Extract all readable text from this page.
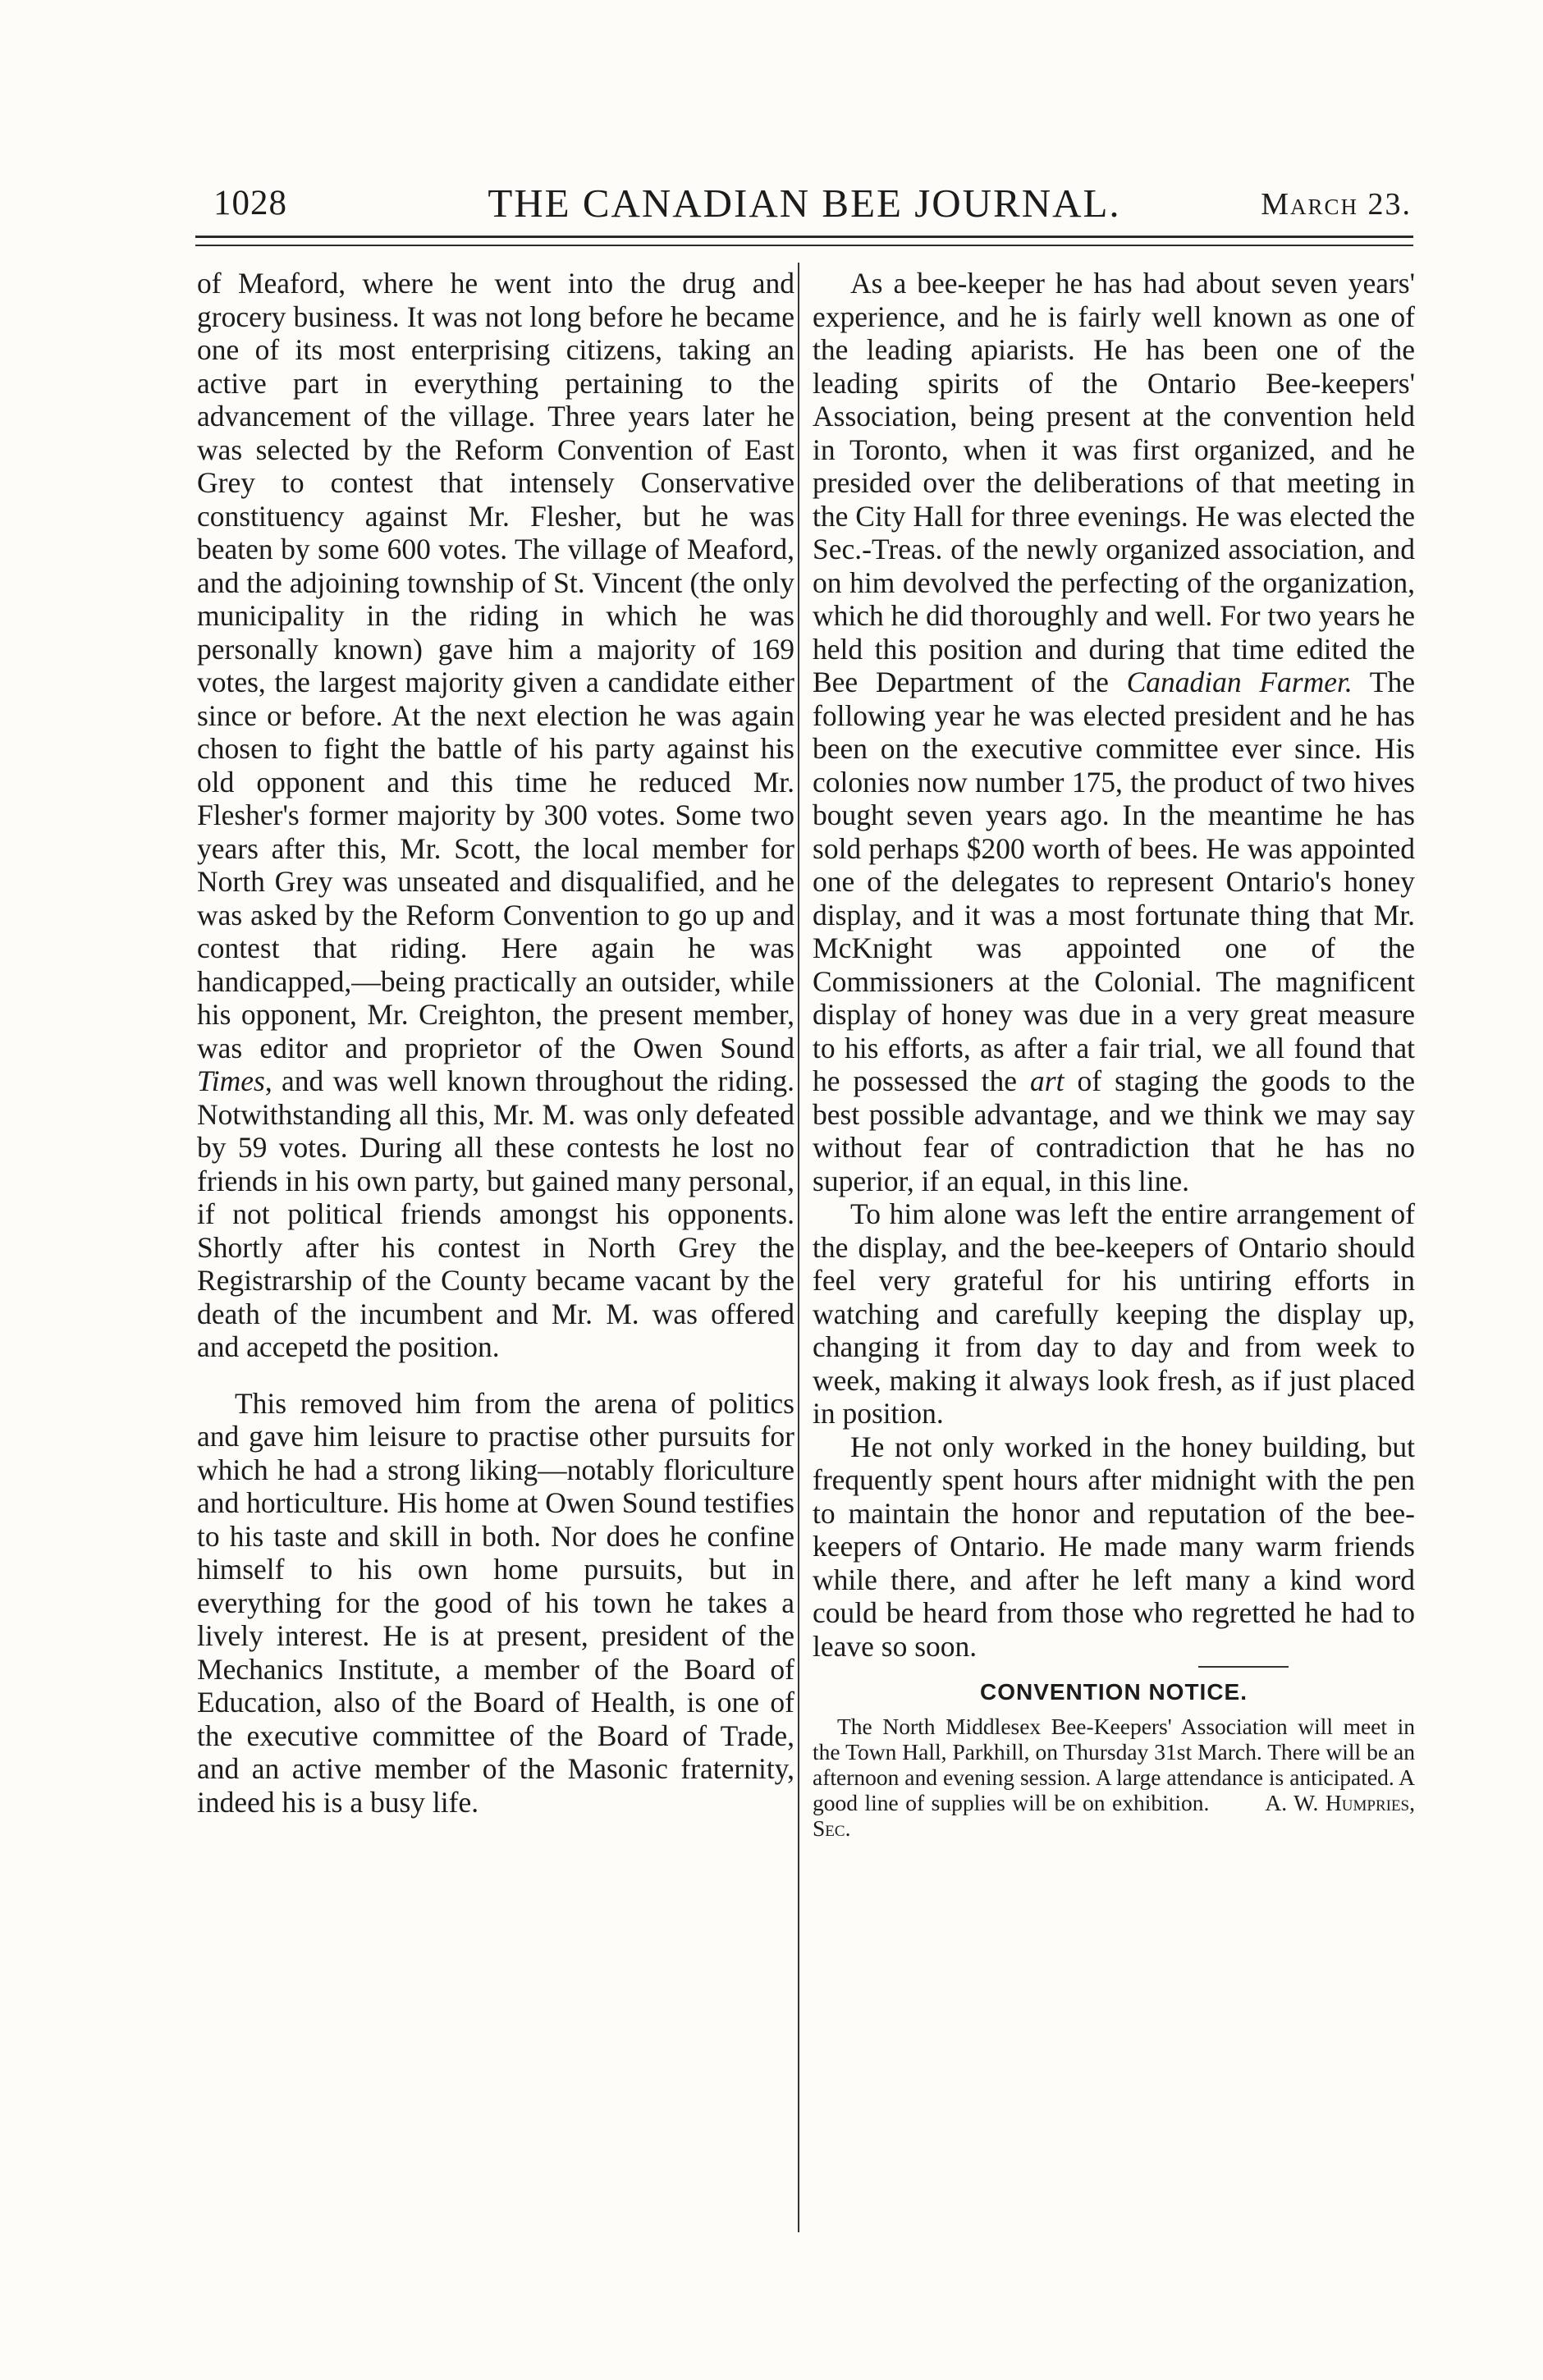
1028	THE CANADIAN BEE JOURNAL.	March 23.

of Meaford, where he went into the drug and grocery business. It was not long before he became one of its most enterprising citizens, taking an active part in everything pertaining to the advancement of the village. Three years later he was selected by the Reform Convention of East Grey to contest that intensely Conservative constituency against Mr. Flesher, but he was beaten by some 600 votes. The village of Meaford, and the adjoining township of St. Vincent (the only municipality in the riding in which he was personally known) gave him a majority of 169 votes, the largest majority given a candidate either since or before. At the next election he was again chosen to fight the battle of his party against his old opponent and this time he reduced Mr. Flesher's former majority by 300 votes. Some two years after this, Mr. Scott, the local member for North Grey was unseated and disqualified, and he was asked by the Reform Convention to go up and contest that riding. Here again he was handicapped,—being practically an outsider, while his opponent, Mr. Creighton, the present member, was editor and proprietor of the Owen Sound Times, and was well known throughout the riding. Notwithstanding all this, Mr. M. was only defeated by 59 votes. During all these contests he lost no friends in his own party, but gained many personal, if not political friends amongst his opponents. Shortly after his contest in North Grey the Registrarship of the County became vacant by the death of the incumbent and Mr. M. was offered and accepetd the position.

This removed him from the arena of politics and gave him leisure to practise other pursuits for which he had a strong liking—notably floriculture and horticulture. His home at Owen Sound testifies to his taste and skill in both. Nor does he confine himself to his own home pursuits, but in everything for the good of his town he takes a lively interest. He is at present, president of the Mechanics Institute, a member of the Board of Education, also of the Board of Health, is one of the executive committee of the Board of Trade, and an active member of the Masonic fraternity, indeed his is a busy life.

As a bee-keeper he has had about seven years' experience, and he is fairly well known as one of the leading apiarists. He has been one of the leading spirits of the Ontario Bee-keepers' Association, being present at the convention held in Toronto, when it was first organized, and he presided over the deliberations of that meeting in the City Hall for three evenings. He was elected the Sec.-Treas. of the newly organized association, and on him devolved the perfecting of the organization, which he did thoroughly and well. For two years he held this position and during that time edited the Bee Department of the Canadian Farmer. The following year he was elected president and he has been on the executive committee ever since. His colonies now number 175, the product of two hives bought seven years ago. In the meantime he has sold perhaps $200 worth of bees. He was appointed one of the delegates to represent Ontario's honey display, and it was a most fortunate thing that Mr. McKnight was appointed one of the Commissioners at the Colonial. The magnificent display of honey was due in a very great measure to his efforts, as after a fair trial, we all found that he possessed the art of staging the goods to the best possible advantage, and we think we may say without fear of contradiction that he has no superior, if an equal, in this line.

To him alone was left the entire arrangement of the display, and the bee-keepers of Ontario should feel very grateful for his untiring efforts in watching and carefully keeping the display up, changing it from day to day and from week to week, making it always look fresh, as if just placed in position.

He not only worked in the honey building, but frequently spent hours after midnight with the pen to maintain the honor and reputation of the bee-keepers of Ontario. He made many warm friends while there, and after he left many a kind word could be heard from those who regretted he had to leave so soon.

CONVENTION NOTICE.
The North Middlesex Bee-Keepers' Association will meet in the Town Hall, Parkhill, on Thursday 31st March. There will be an afternoon and evening session. A large attendance is anticipated. A good line of supplies will be on exhibition. A. W. Humpries, Sec.
